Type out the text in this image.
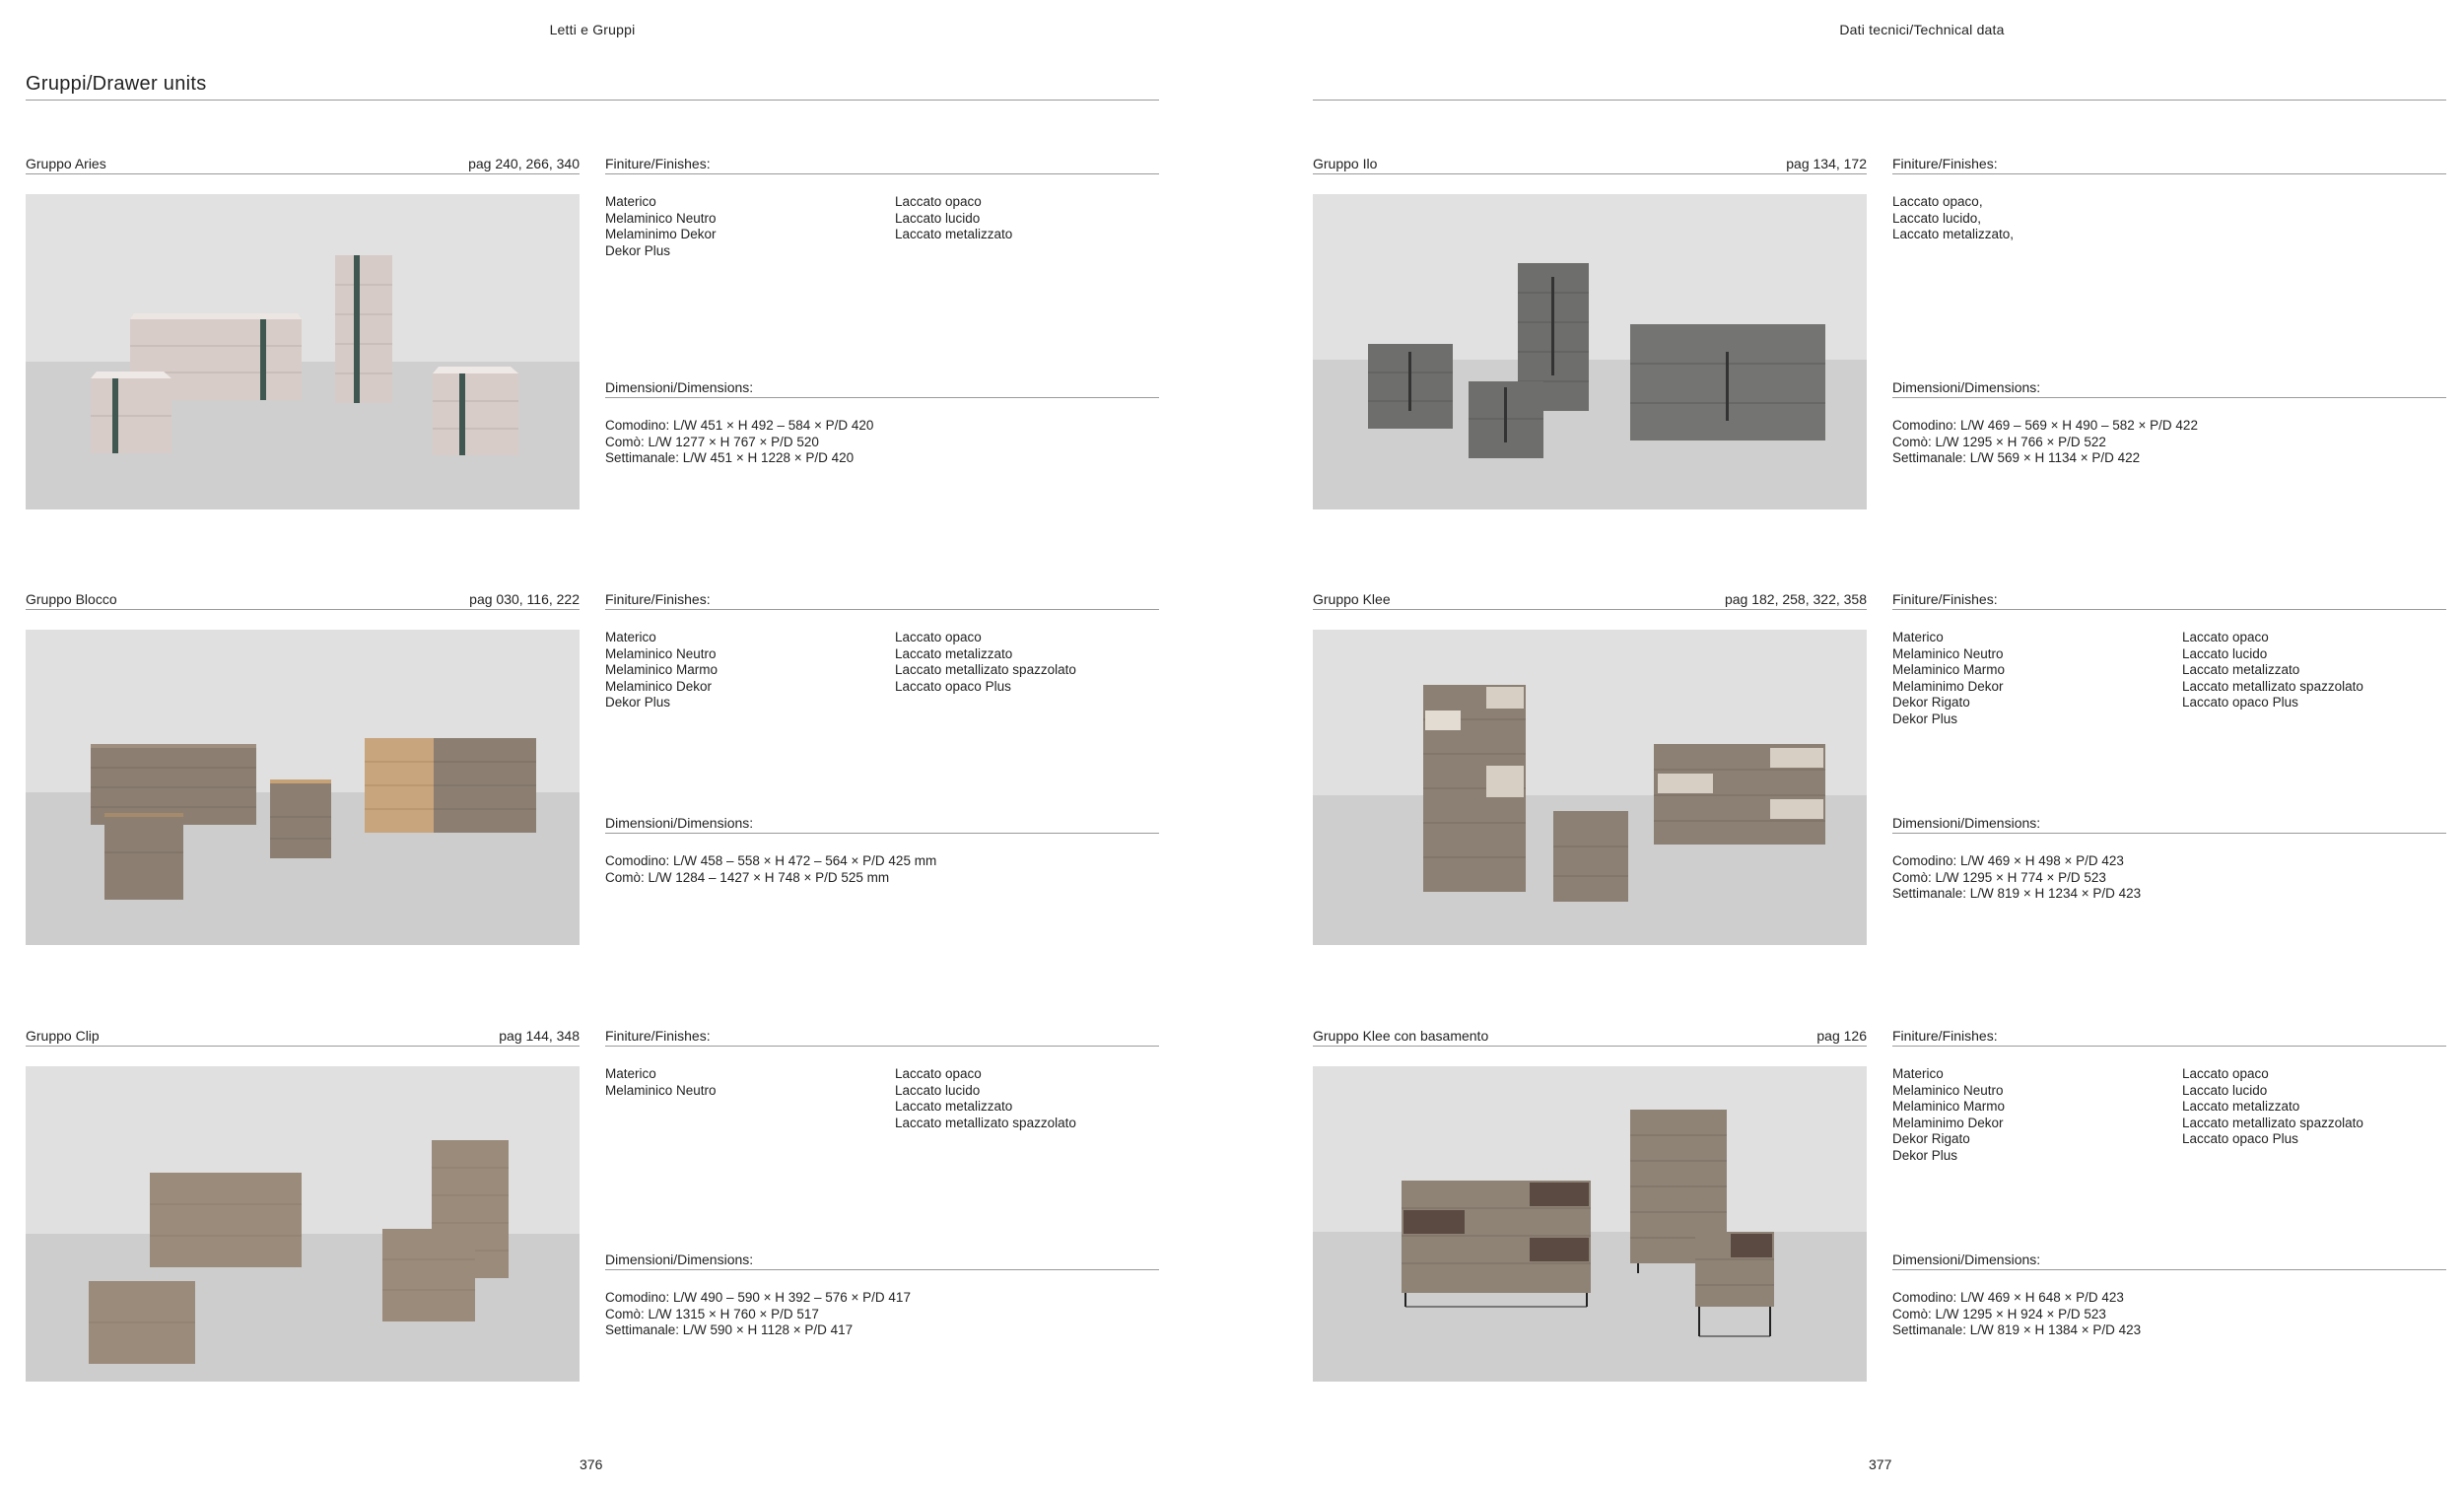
Letti e Gruppi
Gruppi/Drawer units
Gruppo Aries	pag 240, 266, 340 Finiture/Finishes:
Materico
Melaminico Neutro
Melaminimo Dekor
Dekor Plus
Laccato opaco
Laccato lucido
Laccato metalizzato
Dimensioni/Dimensions:
Comodino: L/W 451 × H 492 – 584 × P/D 420
Comò: L/W 1277 × H 767 × P/D 520
Settimanale: L/W 451 × H 1228 × P/D 420
Gruppo Blocco	pag 030, 116, 222 Finiture/Finishes:
Materico
Melaminico Neutro
Melaminico Marmo
Melaminico Dekor
Dekor Plus
Laccato opaco
Laccato metalizzato
Laccato metallizato spazzolato
Laccato opaco Plus
Dimensioni/Dimensions:
Comodino: L/W 458 – 558 × H 472 – 564 × P/D 425 mm
Comò: L/W 1284 – 1427 × H 748 × P/D 525 mm
Gruppo Clip	pag 144, 348 Finiture/Finishes:
Materico
Melaminico Neutro
Laccato opaco
Laccato lucido
Laccato metalizzato
Laccato metallizato spazzolato
Dimensioni/Dimensions:
Comodino: L/W 490 – 590 × H 392 – 576 × P/D 417
Comò: L/W 1315 × H 760 × P/D 517
Settimanale: L/W 590 × H 1128 × P/D 417
376
Dati tecnici/Technical data
Gruppo Ilo	pag 134, 172 Finiture/Finishes:
Laccato opaco,
Laccato lucido,
Laccato metalizzato,
Dimensioni/Dimensions:
Comodino: L/W 469 – 569 × H 490 – 582 × P/D 422
Comò: L/W 1295 × H 766 × P/D 522
Settimanale: L/W 569 × H 1134 × P/D 422
Gruppo Klee	pag 182, 258, 322, 358 Finiture/Finishes:
Materico
Melaminico Neutro
Melaminico Marmo
Melaminimo Dekor
Dekor Rigato
Dekor Plus
Laccato opaco
Laccato lucido
Laccato metalizzato
Laccato metallizato spazzolato
Laccato opaco Plus
Dimensioni/Dimensions:
Comodino: L/W 469 × H 498 × P/D 423
Comò: L/W 1295 × H 774 × P/D 523
Settimanale: L/W 819 × H 1234 × P/D 423
Gruppo Klee con basamento	pag 126 Finiture/Finishes:
Materico
Melaminico Neutro
Melaminico Marmo
Melaminimo Dekor
Dekor Rigato
Dekor Plus
Laccato opaco
Laccato lucido
Laccato metalizzato
Laccato metallizato spazzolato
Laccato opaco Plus
Dimensioni/Dimensions:
Comodino: L/W 469 × H 648 × P/D 423
Comò: L/W 1295 × H 924 × P/D 523
Settimanale: L/W 819 × H 1384 × P/D 423
377
